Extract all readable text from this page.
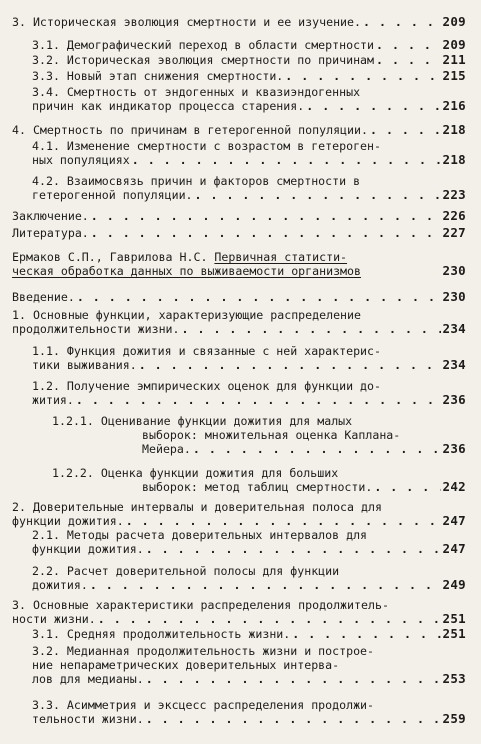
3. Историческая эволюция смертности и ее изучение. . . .	209
3.1. Демографический переход в области смертности . . .	209
3.2. Историческая эволюция смертности по причинам . . .	211
3.3. Новый этап снижения смертности. . . .	215
3.4. Смертность от эндогенных и квазиэндогенных
причин как индикатор процесса старения. . . .	216
4. Смертность по причинам в гетерогенной популяции. . . .	218
4.1. Изменение смертности с возрастом в гетероген-
ных популяциях . . .	218
4.2. Взаимосвязь причин и факторов смертности в
гетерогенной популяции. . . .	223
Заключение. . . .	226
Литература. . . .	227
Ермаков С.П., Гаврилова Н.С. Первичная статисти-
ческая обработка данных по выживаемости организмов	230
Введение. . . .	230
1. Основные функции, характеризующие распределение
продолжительности жизни. . . .	234
1.1. Функция дожития и связанные с ней характерис-
тики выживания. . . .	234
1.2. Получение эмпирических оценок для функции до-
жития. . . .	236
1.2.1. Оценивание функции дожития для малых
выборок: множительная оценка Каплана-
Мейера. . . .	236
1.2.2. Оценка функции дожития для больших
выборок: метод таблиц смертности. . . .	242
2. Доверительные интервалы и доверительная полоса для
функции дожития. . . .	247
2.1. Методы расчета доверительных интервалов для
функции дожития. . . .	247
2.2. Расчет доверительной полосы для функции
дожития. . . .	249
3. Основные характеристики распределения продолжитель-
ности жизни. . . .	251
3.1. Средняя продолжительность жизни. . . .	251
3.2. Медианная продолжительность жизни и построе-
ние непараметрических доверительных интерва-
лов для медианы. . . .	253
3.3. Асимметрия и эксцесс распределения продолжи-
тельности жизни. . . .	259
